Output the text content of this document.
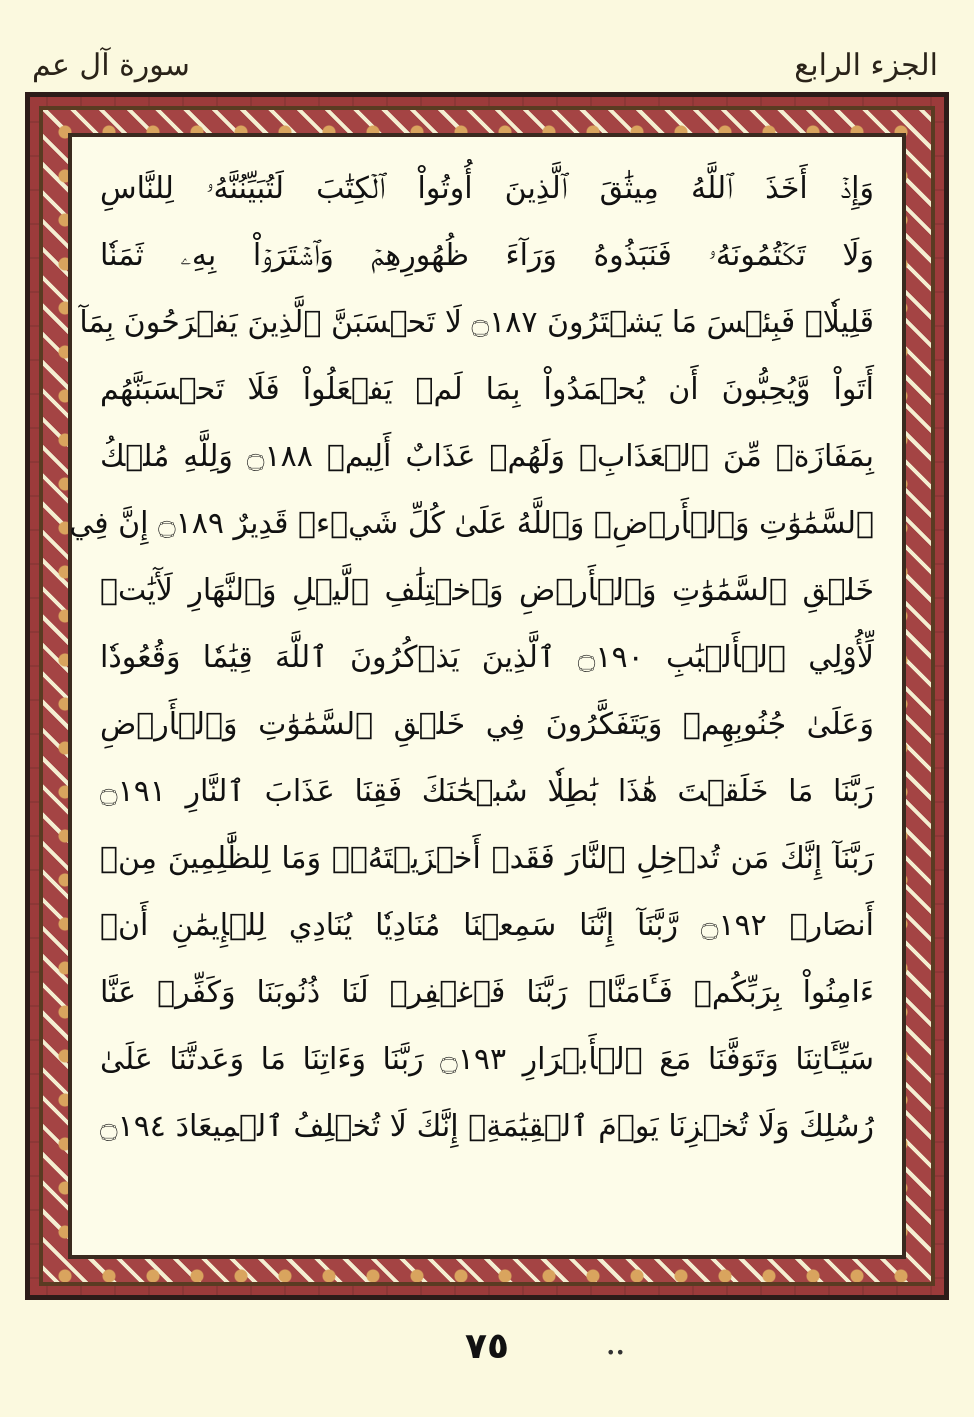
الجزء الرابع
سورة آل عم
وَإِذۡ أَخَذَ ٱللَّهُ مِيثَٰقَ ٱلَّذِينَ أُوتُواْ ٱلۡكِتَٰبَ لَتُبَيِّنُنَّهُۥ لِلنَّاسِ
وَلَا تَكۡتُمُونَهُۥ فَنَبَذُوهُ وَرَآءَ ظُهُورِهِمۡ وَٱشۡتَرَوۡاْ بِهِۦ ثَمَنٗا
قَلِيلٗاۖ فَبِئۡسَ مَا يَشۡتَرُونَ ۝١٨٧ لَا تَحۡسَبَنَّ ٱلَّذِينَ يَفۡرَحُونَ بِمَآ
أَتَواْ وَّيُحِبُّونَ أَن يُحۡمَدُواْ بِمَا لَمۡ يَفۡعَلُواْ فَلَا تَحۡسَبَنَّهُم
بِمَفَازَةٖ مِّنَ ٱلۡعَذَابِۖ وَلَهُمۡ عَذَابٌ أَلِيمٞ ۝١٨٨ وَلِلَّهِ مُلۡكُ
ٱلسَّمَٰوَٰتِ وَٱلۡأَرۡضِۗ وَٱللَّهُ عَلَىٰ كُلِّ شَيۡءٖ قَدِيرٌ ۝١٨٩ إِنَّ فِي
خَلۡقِ ٱلسَّمَٰوَٰتِ وَٱلۡأَرۡضِ وَٱخۡتِلَٰفِ ٱلَّيۡلِ وَٱلنَّهَارِ لَأٓيَٰتٖ
لِّأُوْلِي ٱلۡأَلۡبَٰبِ ۝١٩٠ ٱلَّذِينَ يَذۡكُرُونَ ٱللَّهَ قِيَٰمٗا وَقُعُودٗا
وَعَلَىٰ جُنُوبِهِمۡ وَيَتَفَكَّرُونَ فِي خَلۡقِ ٱلسَّمَٰوَٰتِ وَٱلۡأَرۡضِ
رَبَّنَا مَا خَلَقۡتَ هَٰذَا بَٰطِلٗا سُبۡحَٰنَكَ فَقِنَا عَذَابَ ٱلنَّارِ ۝١٩١
رَبَّنَآ إِنَّكَ مَن تُدۡخِلِ ٱلنَّارَ فَقَدۡ أَخۡزَيۡتَهُۥۖ وَمَا لِلظَّٰلِمِينَ مِنۡ
أَنصَارٖ ۝١٩٢ رَّبَّنَآ إِنَّنَا سَمِعۡنَا مُنَادِيٗا يُنَادِي لِلۡإِيمَٰنِ أَنۡ
ءَامِنُواْ بِرَبِّكُمۡ فَـَٔامَنَّاۚ رَبَّنَا فَٱغۡفِرۡ لَنَا ذُنُوبَنَا وَكَفِّرۡ عَنَّا
سَيِّـَٔاتِنَا وَتَوَفَّنَا مَعَ ٱلۡأَبۡرَارِ ۝١٩٣ رَبَّنَا وَءَاتِنَا مَا وَعَدتَّنَا عَلَىٰ
رُسُلِكَ وَلَا تُخۡزِنَا يَوۡمَ ٱلۡقِيَٰمَةِۖ إِنَّكَ لَا تُخۡلِفُ ٱلۡمِيعَادَ ۝١٩٤
٧٥	••
